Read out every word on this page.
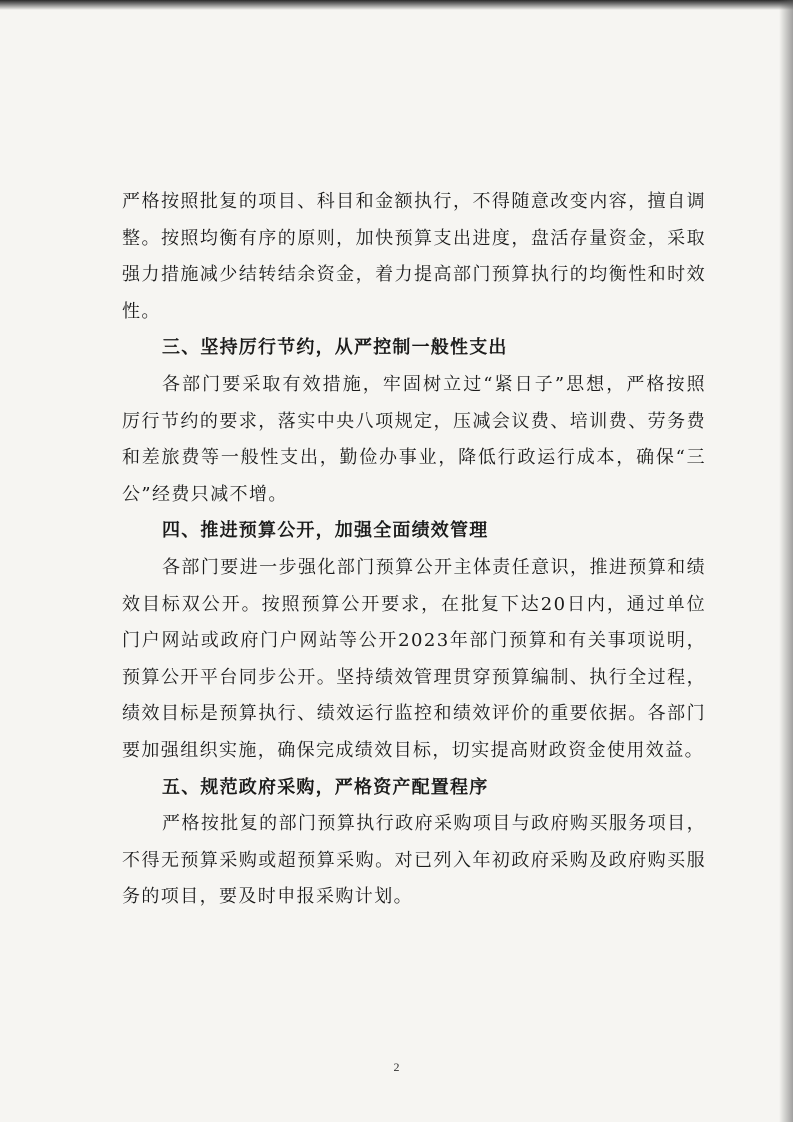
严格按照批复的项目、科目和金额执行，不得随意改变内容，擅自调整。按照均衡有序的原则，加快预算支出进度，盘活存量资金，采取强力措施减少结转结余资金，着力提高部门预算执行的均衡性和时效性。

三、坚持厉行节约，从严控制一般性支出

各部门要采取有效措施，牢固树立过“紧日子”思想，严格按照厉行节约的要求，落实中央八项规定，压减会议费、培训费、劳务费和差旅费等一般性支出，勤俭办事业，降低行政运行成本，确保“三公”经费只减不增。

四、推进预算公开，加强全面绩效管理

各部门要进一步强化部门预算公开主体责任意识，推进预算和绩效目标双公开。按照预算公开要求，在批复下达20日内，通过单位门户网站或政府门户网站等公开2023年部门预算和有关事项说明，预算公开平台同步公开。坚持绩效管理贯穿预算编制、执行全过程，绩效目标是预算执行、绩效运行监控和绩效评价的重要依据。各部门要加强组织实施，确保完成绩效目标，切实提高财政资金使用效益。

五、规范政府采购，严格资产配置程序

严格按批复的部门预算执行政府采购项目与政府购买服务项目，不得无预算采购或超预算采购。对已列入年初政府采购及政府购买服务的项目，要及时申报采购计划。

2
